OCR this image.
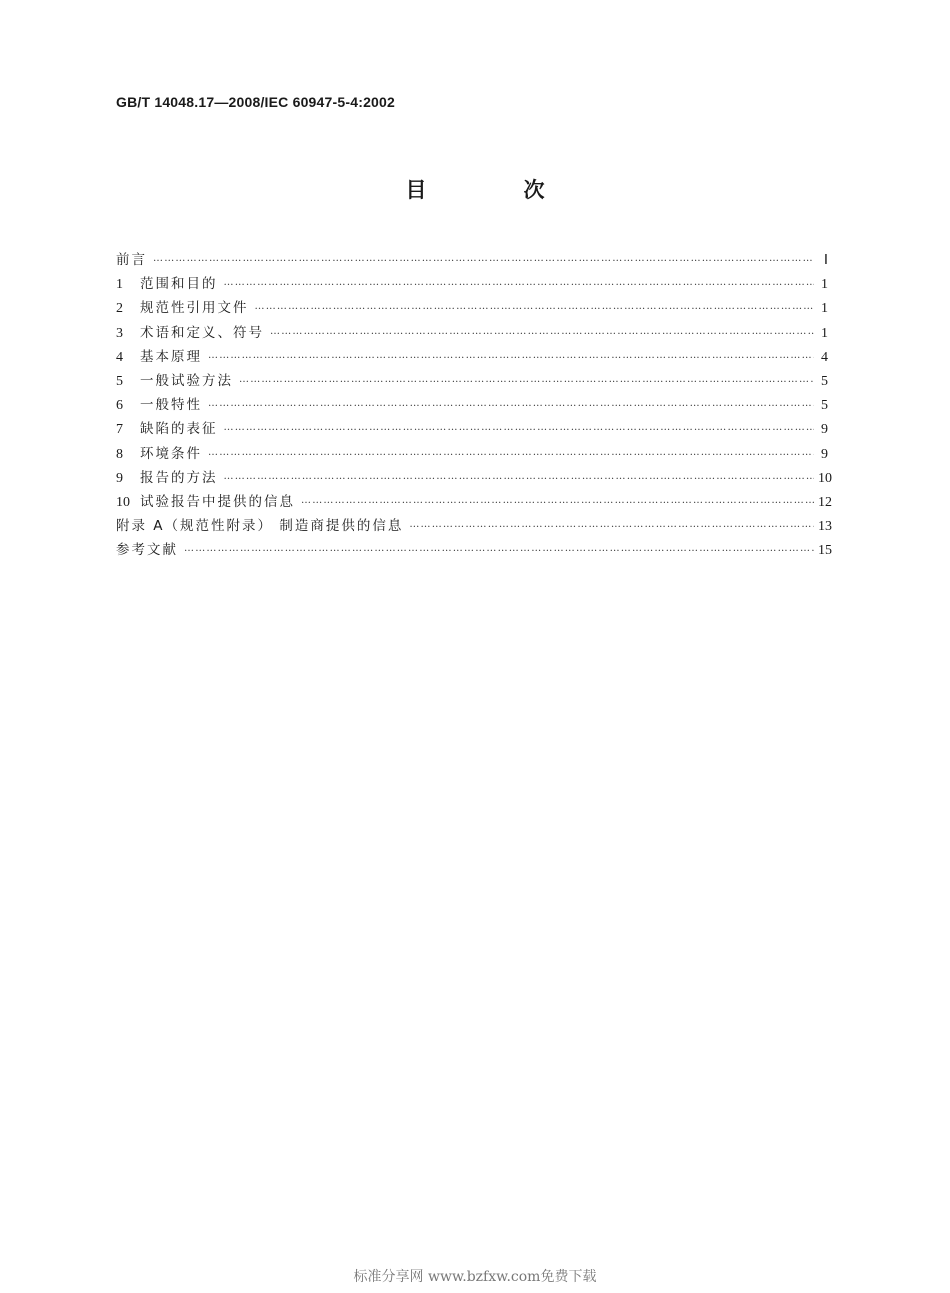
GB/T 14048.17—2008/IEC 60947-5-4:2002
目　次
前言 ……………………………………………………………………………………………………………………………………………………………………………………………………………………	Ⅰ
1	范围和目的 ……………………………………………………………………………………………………………………………………………………………………………………………………………………	1
2	规范性引用文件 ……………………………………………………………………………………………………………………………………………………………………………………………………………………	1
3	术语和定义、符号 ……………………………………………………………………………………………………………………………………………………………………………………………………………………	1
4	基本原理 ……………………………………………………………………………………………………………………………………………………………………………………………………………………	4
5	一般试验方法 ……………………………………………………………………………………………………………………………………………………………………………………………………………………	5
6	一般特性 ……………………………………………………………………………………………………………………………………………………………………………………………………………………	5
7	缺陷的表征 ……………………………………………………………………………………………………………………………………………………………………………………………………………………	9
8	环境条件 ……………………………………………………………………………………………………………………………………………………………………………………………………………………	9
9	报告的方法 ……………………………………………………………………………………………………………………………………………………………………………………………………………………	10
10 试验报告中提供的信息 ……………………………………………………………………………………………………………………………………………………………………………………………………………………	12
附录 A（规范性附录） 制造商提供的信息 ……………………………………………………………………………………………………………………………………………………………………………………………………………………	13
参考文献 ……………………………………………………………………………………………………………………………………………………………………………………………………………………	15
标准分享网 www.bzfxw.com免费下载
